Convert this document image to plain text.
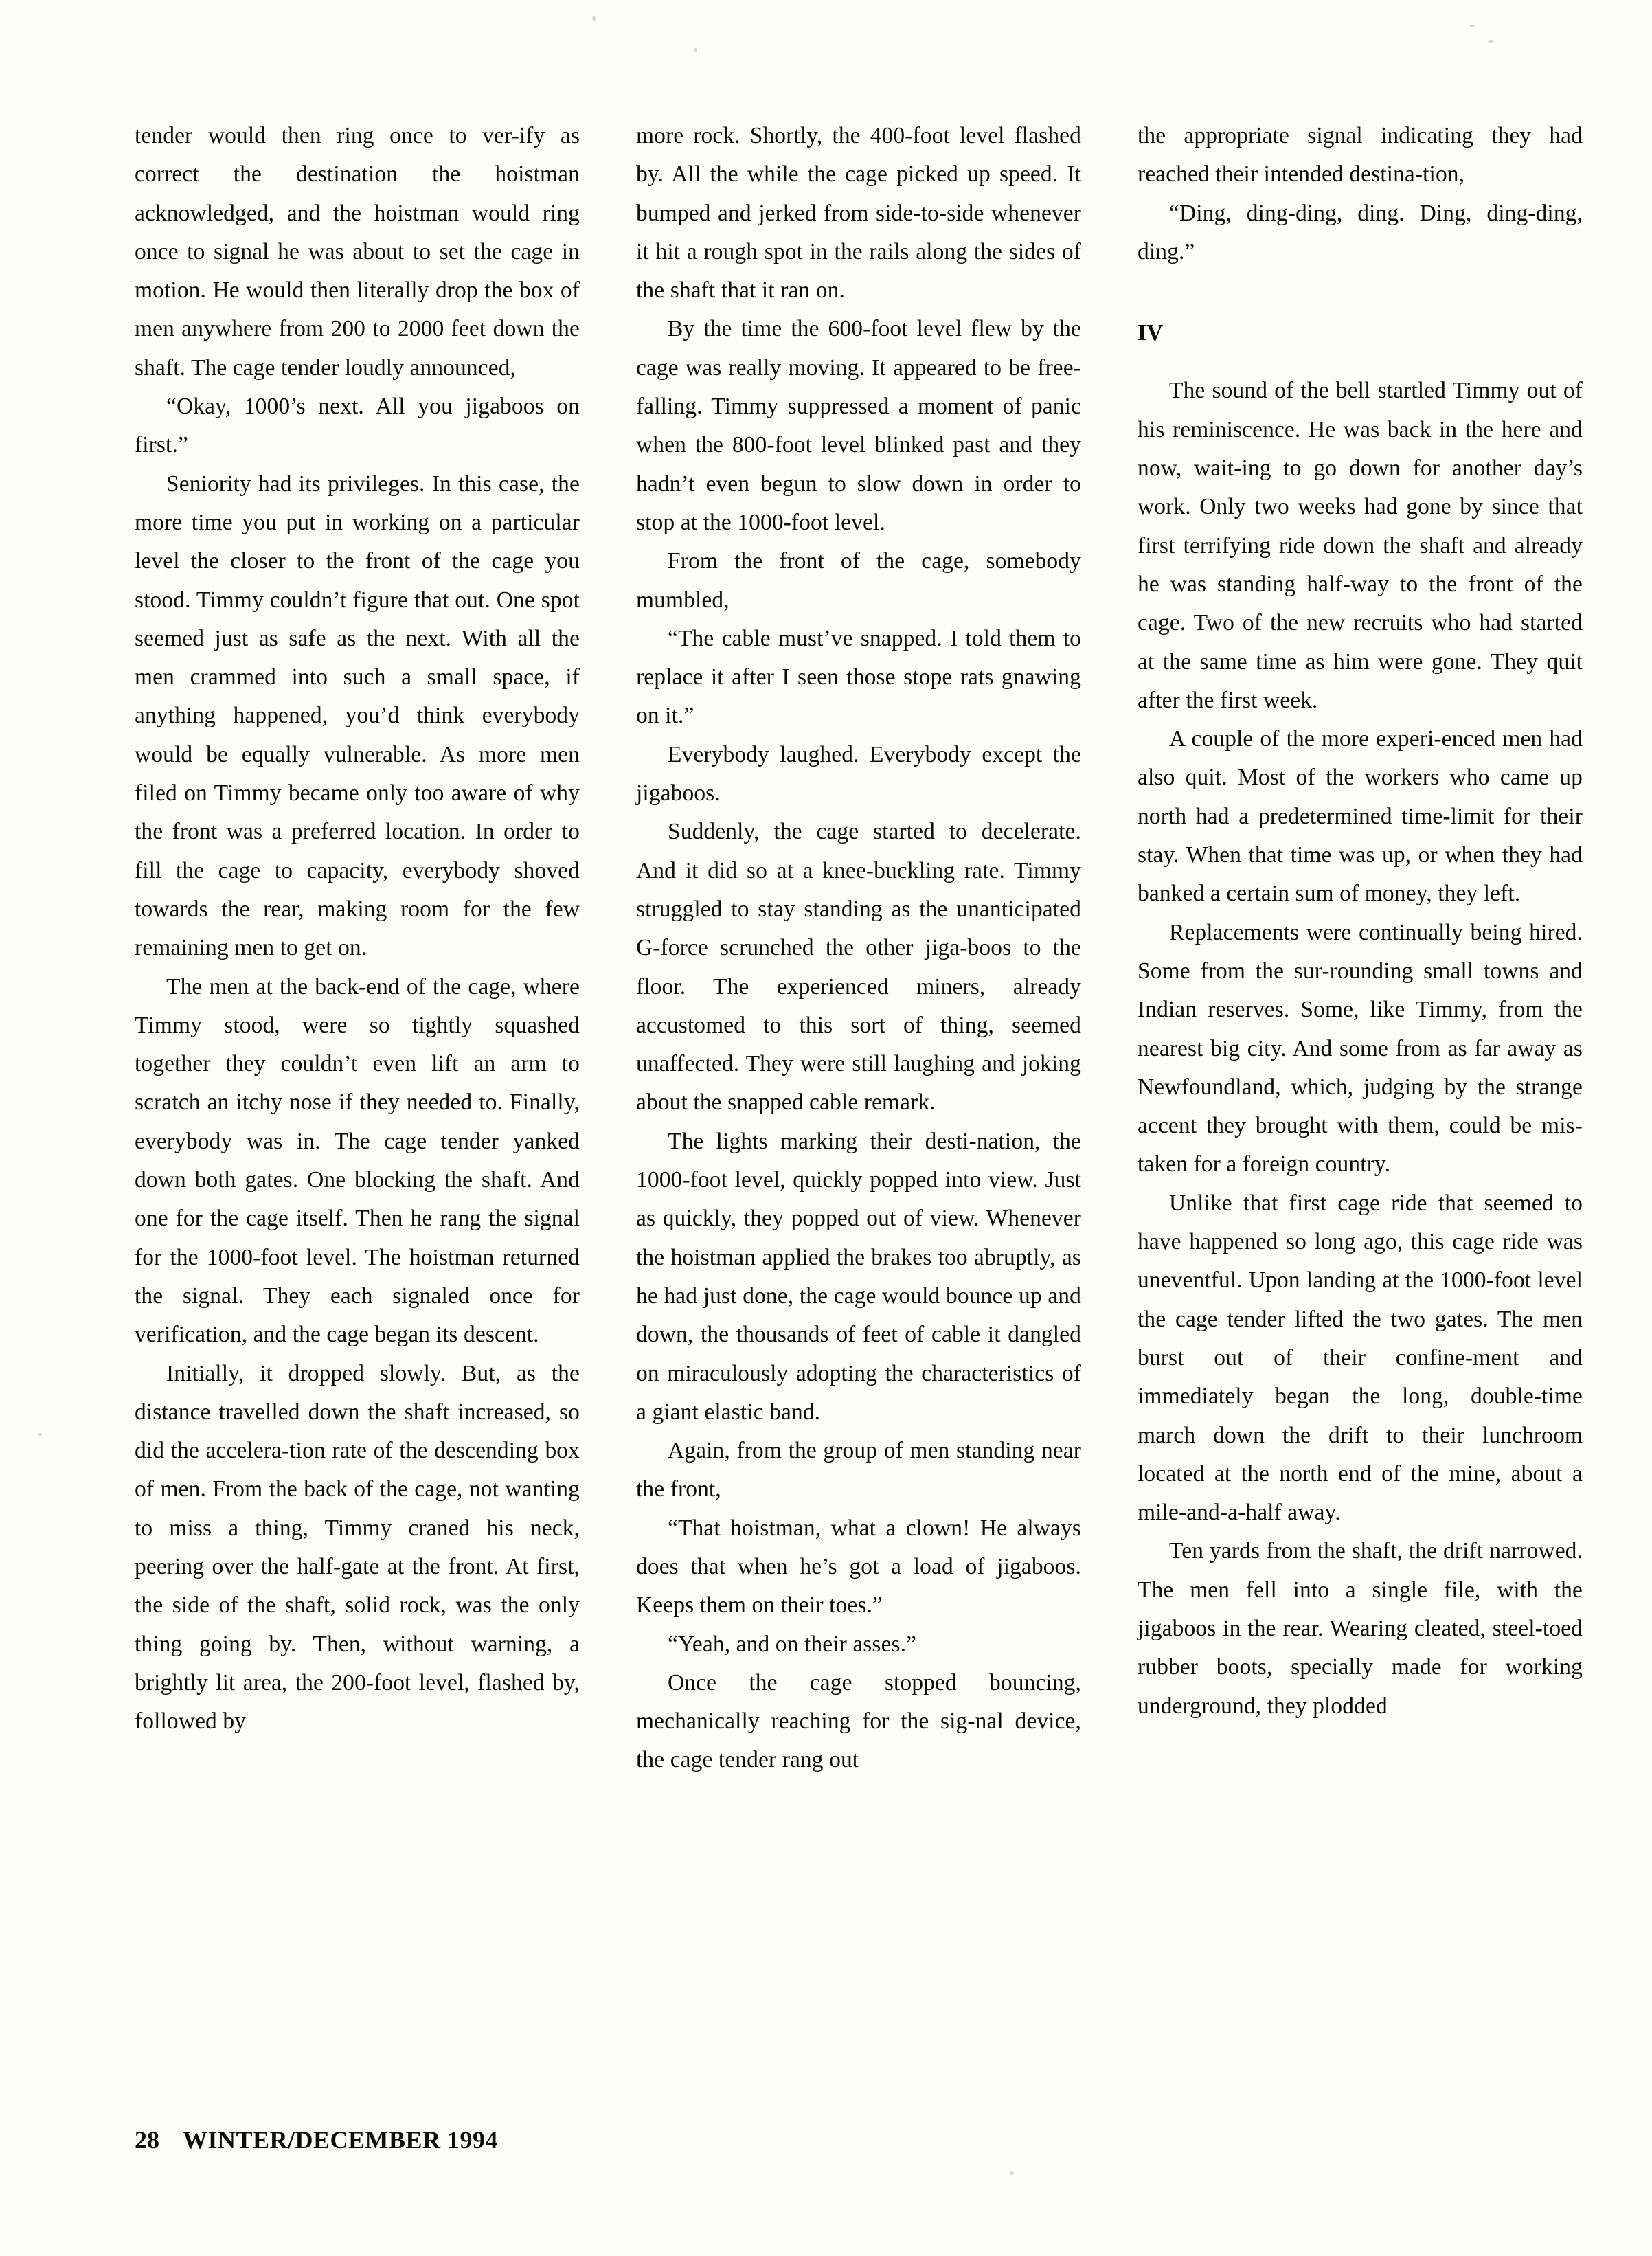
tender would then ring once to ver-ify as correct the destination the hoistman acknowledged, and the hoistman would ring once to signal he was about to set the cage in motion. He would then literally drop the box of men anywhere from 200 to 2000 feet down the shaft. The cage tender loudly announced,

“Okay, 1000’s next. All you jigaboos on first.”

Seniority had its privileges. In this case, the more time you put in working on a particular level the closer to the front of the cage you stood. Timmy couldn’t figure that out. One spot seemed just as safe as the next. With all the men crammed into such a small space, if anything happened, you’d think everybody would be equally vulnerable. As more men filed on Timmy became only too aware of why the front was a preferred location. In order to fill the cage to capacity, everybody shoved towards the rear, making room for the few remaining men to get on.

The men at the back-end of the cage, where Timmy stood, were so tightly squashed together they couldn’t even lift an arm to scratch an itchy nose if they needed to. Finally, everybody was in. The cage tender yanked down both gates. One blocking the shaft. And one for the cage itself. Then he rang the signal for the 1000-foot level. The hoistman returned the signal. They each signaled once for verification, and the cage began its descent.

Initially, it dropped slowly. But, as the distance travelled down the shaft increased, so did the accelera-tion rate of the descending box of men. From the back of the cage, not wanting to miss a thing, Timmy craned his neck, peering over the half-gate at the front. At first, the side of the shaft, solid rock, was the only thing going by. Then, without warning, a brightly lit area, the 200-foot level, flashed by, followed by

more rock. Shortly, the 400-foot level flashed by. All the while the cage picked up speed. It bumped and jerked from side-to-side whenever it hit a rough spot in the rails along the sides of the shaft that it ran on.

By the time the 600-foot level flew by the cage was really moving. It appeared to be free-falling. Timmy suppressed a moment of panic when the 800-foot level blinked past and they hadn’t even begun to slow down in order to stop at the 1000-foot level.

From the front of the cage, somebody mumbled,

“The cable must’ve snapped. I told them to replace it after I seen those stope rats gnawing on it.”

Everybody laughed. Everybody except the jigaboos.

Suddenly, the cage started to decelerate. And it did so at a knee-buckling rate. Timmy struggled to stay standing as the unanticipated G-force scrunched the other jiga-boos to the floor. The experienced miners, already accustomed to this sort of thing, seemed unaffected. They were still laughing and joking about the snapped cable remark.

The lights marking their desti-nation, the 1000-foot level, quickly popped into view. Just as quickly, they popped out of view. Whenever the hoistman applied the brakes too abruptly, as he had just done, the cage would bounce up and down, the thousands of feet of cable it dangled on miraculously adopting the characteristics of a giant elastic band.

Again, from the group of men standing near the front,

“That hoistman, what a clown! He always does that when he’s got a load of jigaboos. Keeps them on their toes.”

“Yeah, and on their asses.”

Once the cage stopped bouncing, mechanically reaching for the sig-nal device, the cage tender rang out

the appropriate signal indicating they had reached their intended destina-tion,

“Ding, ding-ding, ding. Ding, ding-ding, ding.”

IV

The sound of the bell startled Timmy out of his reminiscence. He was back in the here and now, wait-ing to go down for another day’s work. Only two weeks had gone by since that first terrifying ride down the shaft and already he was standing half-way to the front of the cage. Two of the new recruits who had started at the same time as him were gone. They quit after the first week.

A couple of the more experi-enced men had also quit. Most of the workers who came up north had a predetermined time-limit for their stay. When that time was up, or when they had banked a certain sum of money, they left.

Replacements were continually being hired. Some from the sur-rounding small towns and Indian reserves. Some, like Timmy, from the nearest big city. And some from as far away as Newfoundland, which, judging by the strange accent they brought with them, could be mis-taken for a foreign country.

Unlike that first cage ride that seemed to have happened so long ago, this cage ride was uneventful. Upon landing at the 1000-foot level the cage tender lifted the two gates. The men burst out of their confine-ment and immediately began the long, double-time march down the drift to their lunchroom located at the north end of the mine, about a mile-and-a-half away.

Ten yards from the shaft, the drift narrowed. The men fell into a single file, with the jigaboos in the rear. Wearing cleated, steel-toed rubber boots, specially made for working underground, they plodded

28 WINTER/DECEMBER 1994
